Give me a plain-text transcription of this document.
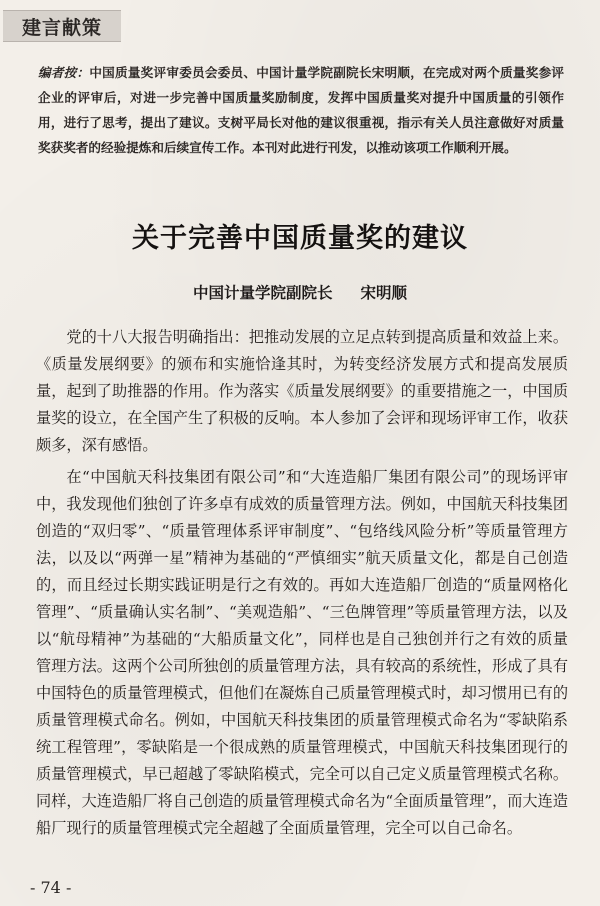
建言献策
编者按：中国质量奖评审委员会委员、中国计量学院副院长宋明顺，在完成对两个质量奖参评企业的评审后，对进一步完善中国质量奖励制度，发挥中国质量奖对提升中国质量的引领作用，进行了思考，提出了建议。支树平局长对他的建议很重视，指示有关人员注意做好对质量奖获奖者的经验提炼和后续宣传工作。本刊对此进行刊发，以推动该项工作顺利开展。
关于完善中国质量奖的建议
中国计量学院副院长 宋明顺

党的十八大报告明确指出：把推动发展的立足点转到提高质量和效益上来。《质量发展纲要》的颁布和实施恰逢其时，为转变经济发展方式和提高发展质量，起到了助推器的作用。作为落实《质量发展纲要》的重要措施之一，中国质量奖的设立，在全国产生了积极的反响。本人参加了会评和现场评审工作，收获颇多，深有感悟。

在“中国航天科技集团有限公司”和“大连造船厂集团有限公司”的现场评审中，我发现他们独创了许多卓有成效的质量管理方法。例如，中国航天科技集团创造的“双归零”、“质量管理体系评审制度”、“包络线风险分析”等质量管理方法，以及以“两弹一星”精神为基础的“严慎细实”航天质量文化，都是自己创造的，而且经过长期实践证明是行之有效的。再如大连造船厂创造的“质量网格化管理”、“质量确认实名制”、“美观造船”、“三色牌管理”等质量管理方法，以及以“航母精神”为基础的“大船质量文化”，同样也是自己独创并行之有效的质量管理方法。这两个公司所独创的质量管理方法，具有较高的系统性，形成了具有中国特色的质量管理模式，但他们在凝炼自己质量管理模式时，却习惯用已有的质量管理模式命名。例如，中国航天科技集团的质量管理模式命名为“零缺陷系统工程管理”，零缺陷是一个很成熟的质量管理模式，中国航天科技集团现行的质量管理模式，早已超越了零缺陷模式，完全可以自己定义质量管理模式名称。同样，大连造船厂将自己创造的质量管理模式命名为“全面质量管理”，而大连造船厂现行的质量管理模式完全超越了全面质量管理，完全可以自己命名。

- 74 -
